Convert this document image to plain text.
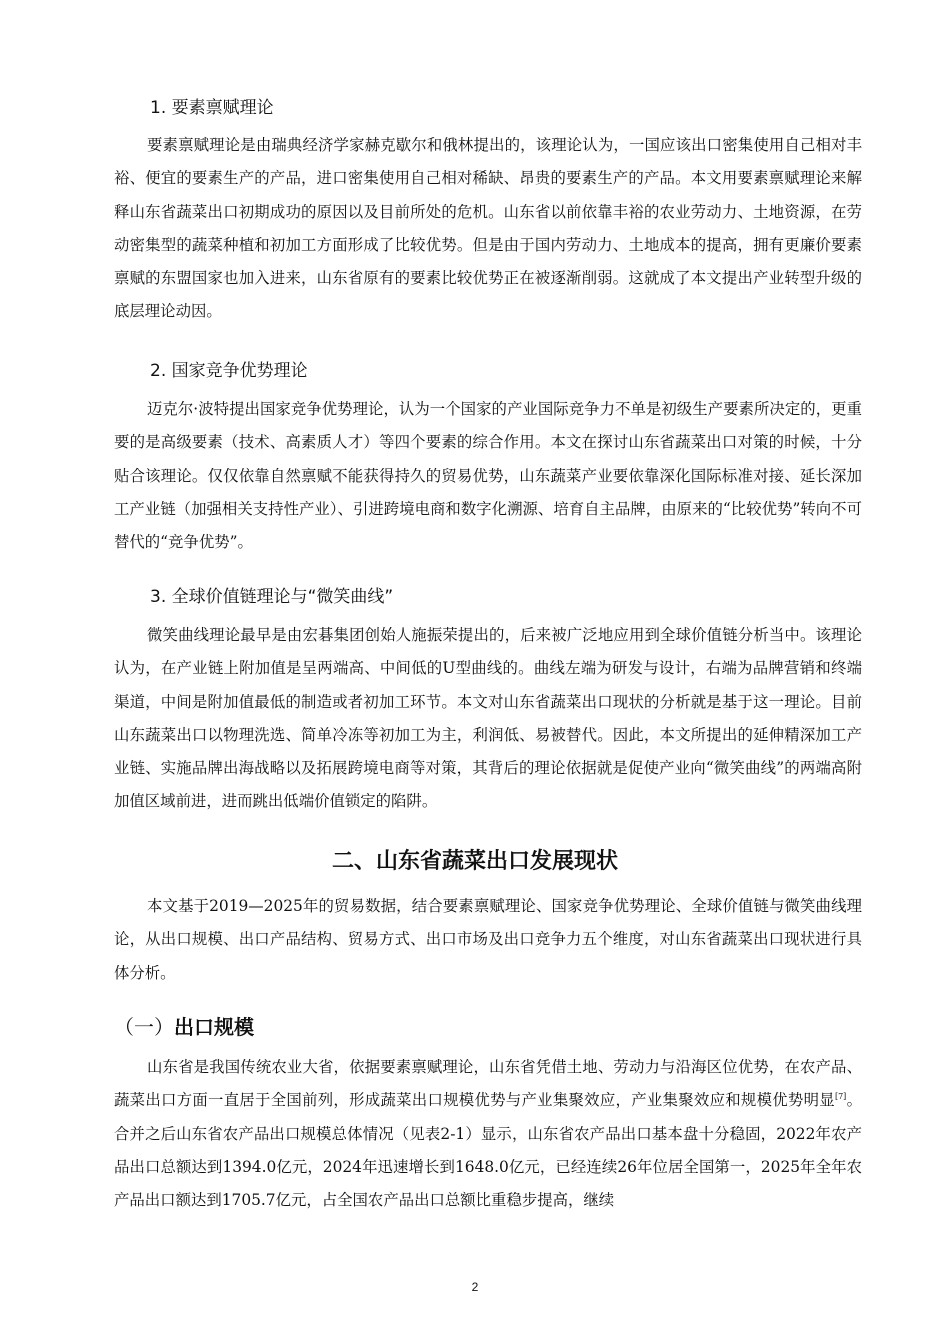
1. 要素禀赋理论

要素禀赋理论是由瑞典经济学家赫克歇尔和俄林提出的，该理论认为，一国应该出口密集使用自己相对丰裕、便宜的要素生产的产品，进口密集使用自己相对稀缺、昂贵的要素生产的产品。本文用要素禀赋理论来解释山东省蔬菜出口初期成功的原因以及目前所处的危机。山东省以前依靠丰裕的农业劳动力、土地资源，在劳动密集型的蔬菜种植和初加工方面形成了比较优势。但是由于国内劳动力、土地成本的提高，拥有更廉价要素禀赋的东盟国家也加入进来，山东省原有的要素比较优势正在被逐渐削弱。这就成了本文提出产业转型升级的底层理论动因。

2. 国家竞争优势理论

迈克尔·波特提出国家竞争优势理论，认为一个国家的产业国际竞争力不单是初级生产要素所决定的，更重要的是高级要素（技术、高素质人才）等四个要素的综合作用。本文在探讨山东省蔬菜出口对策的时候，十分贴合该理论。仅仅依靠自然禀赋不能获得持久的贸易优势，山东蔬菜产业要依靠深化国际标准对接、延长深加工产业链（加强相关支持性产业）、引进跨境电商和数字化溯源、培育自主品牌，由原来的“比较优势”转向不可替代的“竞争优势”。

3. 全球价值链理论与“微笑曲线”

微笑曲线理论最早是由宏碁集团创始人施振荣提出的，后来被广泛地应用到全球价值链分析当中。该理论认为，在产业链上附加值是呈两端高、中间低的U型曲线的。曲线左端为研发与设计，右端为品牌营销和终端渠道，中间是附加值最低的制造或者初加工环节。本文对山东省蔬菜出口现状的分析就是基于这一理论。目前山东蔬菜出口以物理洗选、简单冷冻等初加工为主，利润低、易被替代。因此，本文所提出的延伸精深加工产业链、实施品牌出海战略以及拓展跨境电商等对策，其背后的理论依据就是促使产业向“微笑曲线”的两端高附加值区域前进，进而跳出低端价值锁定的陷阱。

二、山东省蔬菜出口发展现状

本文基于2019—2025年的贸易数据，结合要素禀赋理论、国家竞争优势理论、全球价值链与微笑曲线理论，从出口规模、出口产品结构、贸易方式、出口市场及出口竞争力五个维度，对山东省蔬菜出口现状进行具体分析。

（一）出口规模

山东省是我国传统农业大省，依据要素禀赋理论，山东省凭借土地、劳动力与沿海区位优势，在农产品、蔬菜出口方面一直居于全国前列，形成蔬菜出口规模优势与产业集聚效应，产业集聚效应和规模优势明显[7]。合并之后山东省农产品出口规模总体情况（见表2-1）显示，山东省农产品出口基本盘十分稳固，2022年农产品出口总额达到1394.0亿元，2024年迅速增长到1648.0亿元，已经连续26年位居全国第一，2025年全年农产品出口额达到1705.7亿元，占全国农产品出口总额比重稳步提高，继续

2
